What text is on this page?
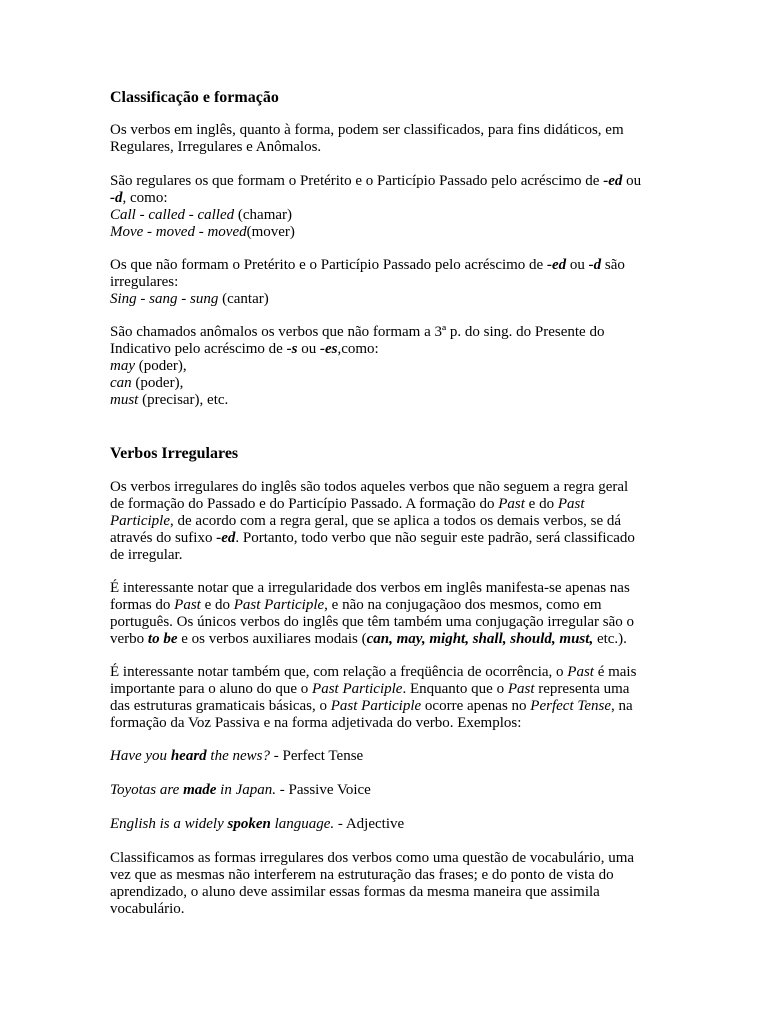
Classificação e formação

Os verbos em inglês, quanto à forma, podem ser classificados, para fins didáticos, em
Regulares, Irregulares e Anômalos.

São regulares os que formam o Pretérito e o Particípio Passado pelo acréscimo de -ed ou
-d, como:
Call - called - called (chamar)
Move - moved - moved(mover)

Os que não formam o Pretérito e o Particípio Passado pelo acréscimo de -ed ou -d são
irregulares:
Sing - sang - sung (cantar)

São chamados anômalos os verbos que não formam a 3ª p. do sing. do Presente do
Indicativo pelo acréscimo de -s ou -es,como:
may (poder),
can (poder),
must (precisar), etc.

Verbos Irregulares

Os verbos irregulares do inglês são todos aqueles verbos que não seguem a regra geral
de formação do Passado e do Particípio Passado. A formação do Past e do Past
Participle, de acordo com a regra geral, que se aplica a todos os demais verbos, se dá
através do sufixo -ed. Portanto, todo verbo que não seguir este padrão, será classificado
de irregular.

É interessante notar que a irregularidade dos verbos em inglês manifesta-se apenas nas
formas do Past e do Past Participle, e não na conjugaçãoo dos mesmos, como em
português. Os únicos verbos do inglês que têm também uma conjugação irregular são o
verbo to be e os verbos auxiliares modais (can, may, might, shall, should, must, etc.).

É interessante notar também que, com relação a freqüência de ocorrência, o Past é mais
importante para o aluno do que o Past Participle. Enquanto que o Past representa uma
das estruturas gramaticais básicas, o Past Participle ocorre apenas no Perfect Tense, na
formação da Voz Passiva e na forma adjetivada do verbo. Exemplos:

Have you heard the news? - Perfect Tense

Toyotas are made in Japan. - Passive Voice

English is a widely spoken language. - Adjective

Classificamos as formas irregulares dos verbos como uma questão de vocabulário, uma
vez que as mesmas não interferem na estruturação das frases; e do ponto de vista do
aprendizado, o aluno deve assimilar essas formas da mesma maneira que assimila
vocabulário.
